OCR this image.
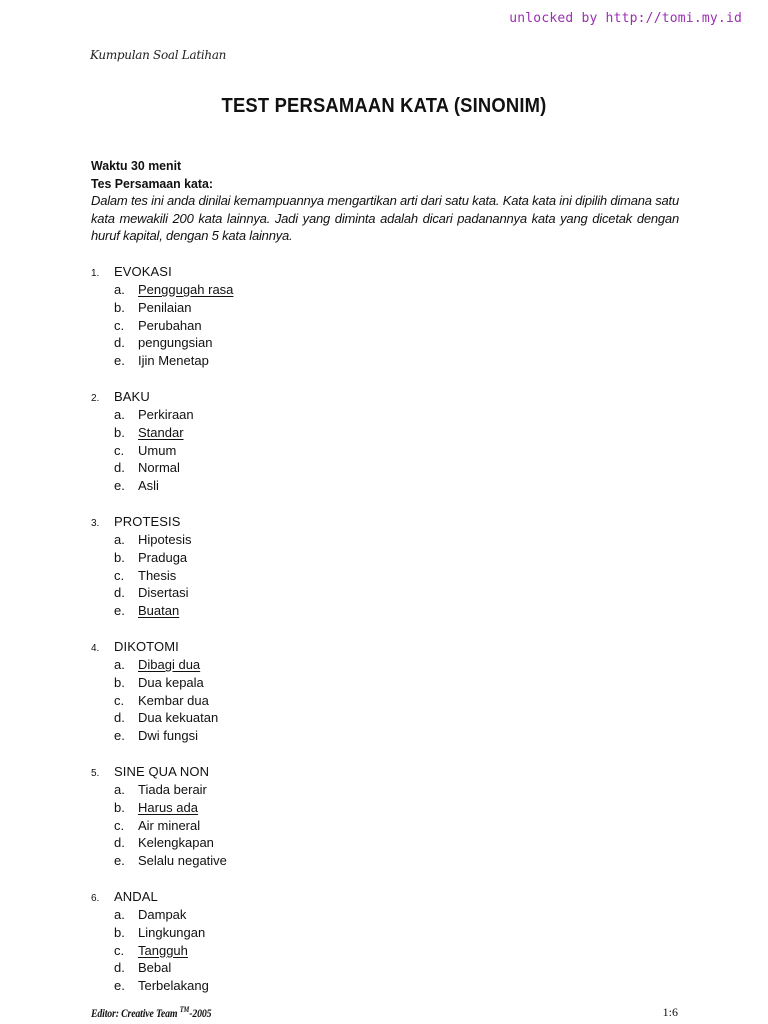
unlocked by http://tomi.my.id
Kumpulan Soal Latihan
TEST PERSAMAAN KATA (SINONIM)
Waktu 30 menit
Tes Persamaan kata:
Dalam tes ini anda dinilai kemampuannya mengartikan arti dari satu kata. Kata kata ini dipilih dimana satu kata mewakili 200 kata lainnya. Jadi yang diminta adalah dicari padanannya kata yang dicetak dengan huruf kapital, dengan 5 kata lainnya.
1.	EVOKASI
a.	Penggugah rasa
b.	Penilaian
c.	Perubahan
d.	pengungsian
e.	Ijin Menetap
2.	BAKU
a.	Perkiraan
b.	Standar
c.	Umum
d.	Normal
e.	Asli
3.	PROTESIS
a.	Hipotesis
b.	Praduga
c.	Thesis
d.	Disertasi
e.	Buatan
4.	DIKOTOMI
a.	Dibagi dua
b.	Dua kepala
c.	Kembar dua
d.	Dua kekuatan
e.	Dwi fungsi
5.	SINE QUA NON
a.	Tiada berair
b.	Harus ada
c.	Air mineral
d.	Kelengkapan
e.	Selalu negative
6.	ANDAL
a.	Dampak
b.	Lingkungan
c.	Tangguh
d.	Bebal
e.	Terbelakang
Editor: Creative Team ™-2005	1:6
